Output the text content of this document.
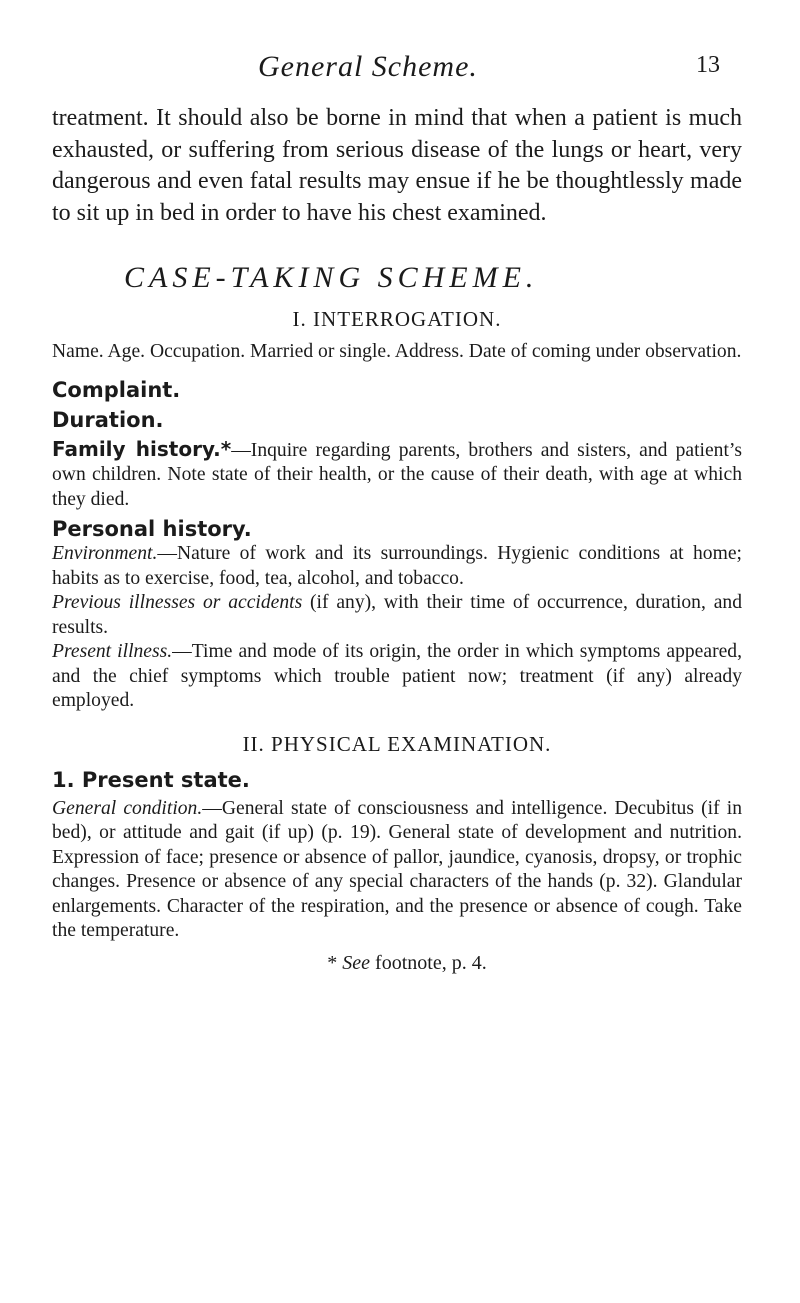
General Scheme.	13

treatment. It should also be borne in mind that when a patient is much exhausted, or suffering from serious disease of the lungs or heart, very dangerous and even fatal results may ensue if he be thoughtlessly made to sit up in bed in order to have his chest examined.

CASE-TAKING SCHEME.
I. INTERROGATION.

Name. Age. Occupation. Married or single. Address. Date of coming under observation.

Complaint.
Duration.

Family history.*—Inquire regarding parents, brothers and sisters, and patient’s own children. Note state of their health, or the cause of their death, with age at which they died.

Personal history.

Environment.—Nature of work and its surroundings. Hygienic conditions at home; habits as to exercise, food, tea, alcohol, and tobacco.

Previous illnesses or accidents (if any), with their time of occurrence, duration, and results.

Present illness.—Time and mode of its origin, the order in which symptoms appeared, and the chief symptoms which trouble patient now; treatment (if any) already employed.

II. PHYSICAL EXAMINATION.
1. Present state.

General condition.—General state of consciousness and intelligence. Decubitus (if in bed), or attitude and gait (if up) (p. 19). General state of development and nutrition. Expression of face; presence or absence of pallor, jaundice, cyanosis, dropsy, or trophic changes. Presence or absence of any special characters of the hands (p. 32). Glandular enlargements. Character of the respiration, and the presence or absence of cough. Take the temperature.

* See footnote, p. 4.
